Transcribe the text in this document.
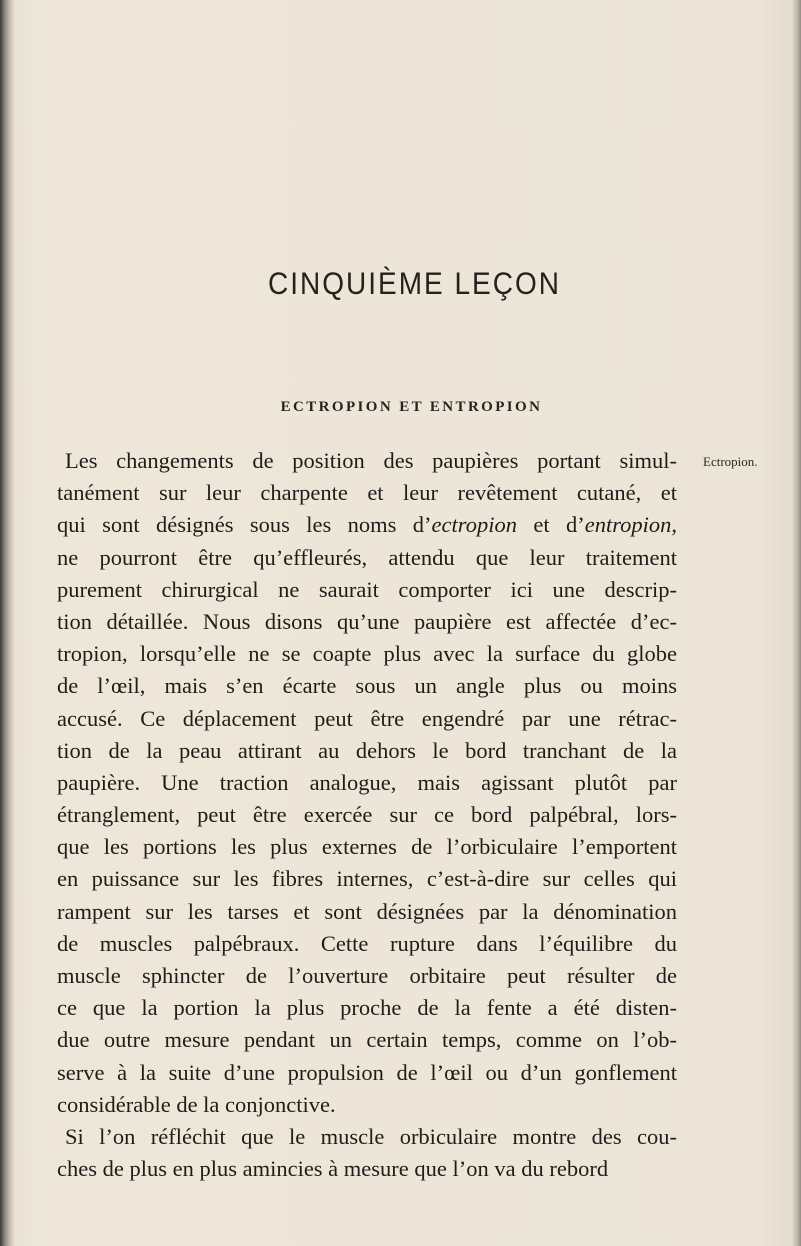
CINQUIÈME LEÇON
ECTROPION ET ENTROPION
Ectropion.
Les changements de position des paupières portant simul-
tanément sur leur charpente et leur revêtement cutané, et
qui sont désignés sous les noms d’ectropion et d’entropion,
ne pourront être qu’effleurés, attendu que leur traitement
purement chirurgical ne saurait comporter ici une descrip-
tion détaillée. Nous disons qu’une paupière est affectée d’ec-
tropion, lorsqu’elle ne se coapte plus avec la surface du globe
de l’œil, mais s’en écarte sous un angle plus ou moins
accusé. Ce déplacement peut être engendré par une rétrac-
tion de la peau attirant au dehors le bord tranchant de la
paupière. Une traction analogue, mais agissant plutôt par
étranglement, peut être exercée sur ce bord palpébral, lors-
que les portions les plus externes de l’orbiculaire l’emportent
en puissance sur les fibres internes, c’est-à-dire sur celles qui
rampent sur les tarses et sont désignées par la dénomination
de muscles palpébraux. Cette rupture dans l’équilibre du
muscle sphincter de l’ouverture orbitaire peut résulter de
ce que la portion la plus proche de la fente a été disten-
due outre mesure pendant un certain temps, comme on l’ob-
serve à la suite d’une propulsion de l’œil ou d’un gonflement
considérable de la conjonctive.
Si l’on réfléchit que le muscle orbiculaire montre des cou-
ches de plus en plus amincies à mesure que l’on va du rebord
